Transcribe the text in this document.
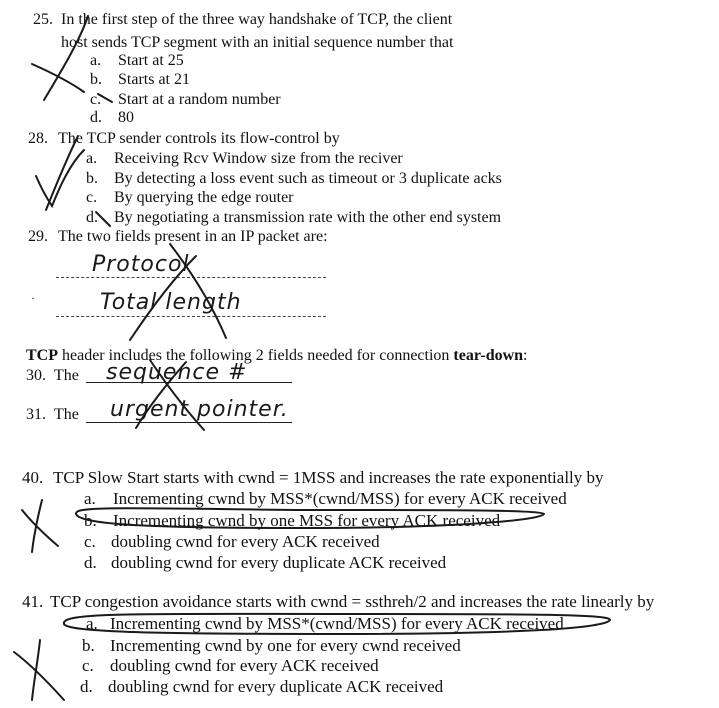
25. In the first step of the three way handshake of TCP, the client
host sends TCP segment with an initial sequence number that
a. Start at 25
b. Starts at 21
c. Start at a random number
d. 80
28. The TCP sender controls its flow-control by
a. Receiving Rcv Window size from the reciver
b. By detecting a loss event such as timeout or 3 duplicate acks
c. By querying the edge router
d. By negotiating a transmission rate with the other end system
29. The two fields present in an IP packet are:
Protocol
·	Total length
TCP header includes the following 2 fields needed for connection tear-down:
30. The sequence #
31. The urgent pointer.
40. TCP Slow Start starts with cwnd = 1MSS and increases the rate exponentially by
a. Incrementing cwnd by MSS*(cwnd/MSS) for every ACK received
b. Incrementing cwnd by one MSS for every ACK received
c. doubling cwnd for every ACK received
d. doubling cwnd for every duplicate ACK received
41. TCP congestion avoidance starts with cwnd = ssthreh/2 and increases the rate linearly by
a. Incrementing cwnd by MSS*(cwnd/MSS) for every ACK received
b. Incrementing cwnd by one for every cwnd received
c. doubling cwnd for every ACK received
d. doubling cwnd for every duplicate ACK received
